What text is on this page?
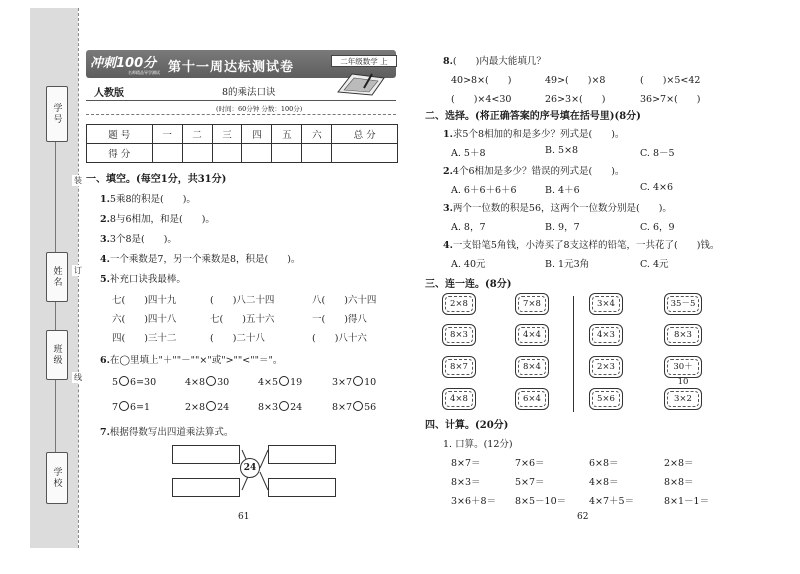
学号
姓名
班级
学校
装
订
线
冲刺100分
名师精品导学测试 第十一周达标测试卷	二年级数学 上
人教版	8的乘法口诀
(时间：60分钟 分数：100分)
题 号	一	二	三	四	五	六	总 分
得 分							
一、填空。(每空1分，共31分)
1.5乘8的积是(　　)。
2.8与6相加，和是(　　)。
3.3个8是(　　)。
4.一个乘数是7，另一个乘数是8，积是(　　)。
5.补充口诀我最棒。
七(　　)四十九	(　　)八二十四	八(　　)六十四
六(　　)四十八	七(　　)五十六	一(　　)得八
四(　　)三十二	(　　)二十八	(　　)八十六
6.在◯里填上"＋""－""×"或">""<""＝"。
5 6=30	4×8 30	4×5 19	3×7 10
7 6=1	2×8 24	8×3 24	8×7 56
7.根据得数写出四道乘法算式。
24
61
8.(　　)内最大能填几？
40>8×(　　)	49>(　　)×8	(　　)×5<42
(　　)×4<30	26>3×(　　)	36>7×(　　)
二、选择。(将正确答案的序号填在括号里)(8分)
1.求5个8相加的和是多少？列式是(　　)。
A. 5＋8	B. 5×8	C. 8－5
2.4个6相加是多少？错误的列式是(　　)。
A. 6＋6＋6＋6	B. 4＋6	C. 4×6
3.两个一位数的积是56，这两个一位数分别是(　　)。
A. 8，7	B. 9，7	C. 6，9
4.一支铅笔5角钱，小涛买了8支这样的铅笔，一共花了(　　)钱。
A. 40元	B. 1元3角	C. 4元
三、连一连。(8分)
2×8
8×3
8×7
4×8
7×8
4×4
8×4
6×4
3×4
4×3
2×3
5×6
35－5
8×3
30＋10
3×2
四、计算。(20分)
1. 口算。(12分)
8×7＝	7×6＝	6×8＝	2×8＝
8×3＝	5×7＝	4×8＝	8×8＝
3×6＋8＝ 8×5－10＝ 4×7＋5＝	8×1－1＝
62
